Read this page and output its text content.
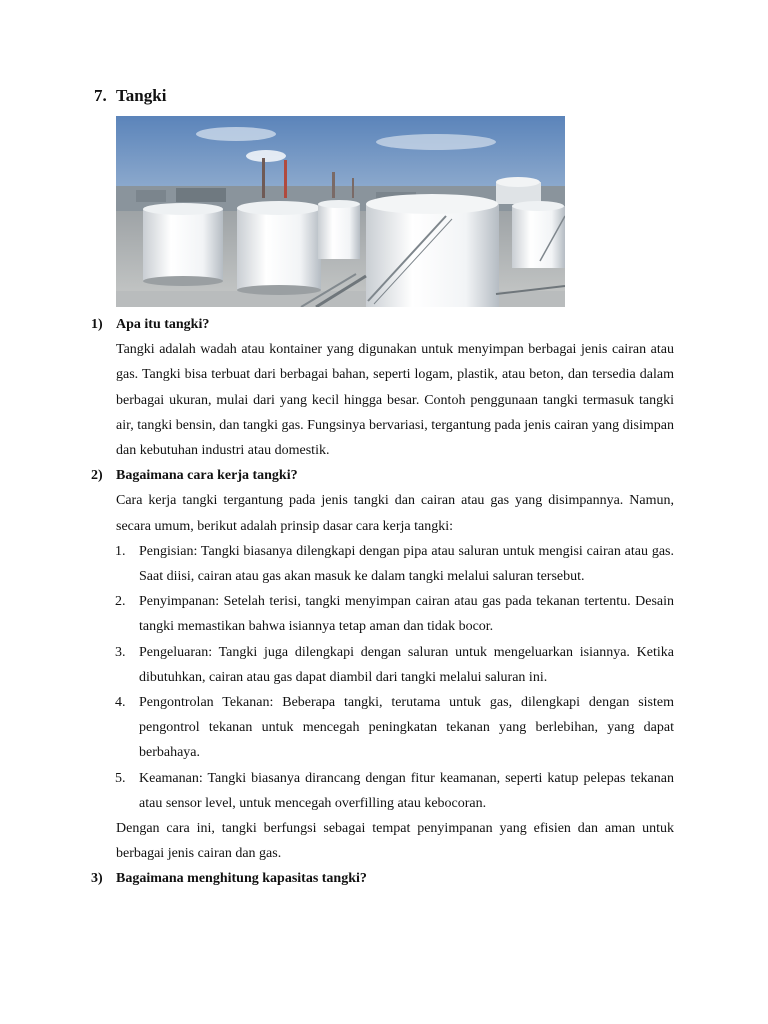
7. Tangki

1) Apa itu tangki?

Tangki adalah wadah atau kontainer yang digunakan untuk menyimpan berbagai jenis cairan atau gas. Tangki bisa terbuat dari berbagai bahan, seperti logam, plastik, atau beton, dan tersedia dalam berbagai ukuran, mulai dari yang kecil hingga besar. Contoh penggunaan tangki termasuk tangki air, tangki bensin, dan tangki gas. Fungsinya bervariasi, tergantung pada jenis cairan yang disimpan dan kebutuhan industri atau domestik.

2) Bagaimana cara kerja tangki?

Cara kerja tangki tergantung pada jenis tangki dan cairan atau gas yang disimpannya. Namun, secara umum, berikut adalah prinsip dasar cara kerja tangki:

1. Pengisian: Tangki biasanya dilengkapi dengan pipa atau saluran untuk mengisi cairan atau gas. Saat diisi, cairan atau gas akan masuk ke dalam tangki melalui saluran tersebut.
2. Penyimpanan: Setelah terisi, tangki menyimpan cairan atau gas pada tekanan tertentu. Desain tangki memastikan bahwa isiannya tetap aman dan tidak bocor.
3. Pengeluaran: Tangki juga dilengkapi dengan saluran untuk mengeluarkan isiannya. Ketika dibutuhkan, cairan atau gas dapat diambil dari tangki melalui saluran ini.
4. Pengontrolan Tekanan: Beberapa tangki, terutama untuk gas, dilengkapi dengan sistem pengontrol tekanan untuk mencegah peningkatan tekanan yang berlebihan, yang dapat berbahaya.
5. Keamanan: Tangki biasanya dirancang dengan fitur keamanan, seperti katup pelepas tekanan atau sensor level, untuk mencegah overfilling atau kebocoran.

Dengan cara ini, tangki berfungsi sebagai tempat penyimpanan yang efisien dan aman untuk berbagai jenis cairan dan gas.

3) Bagaimana menghitung kapasitas tangki?
